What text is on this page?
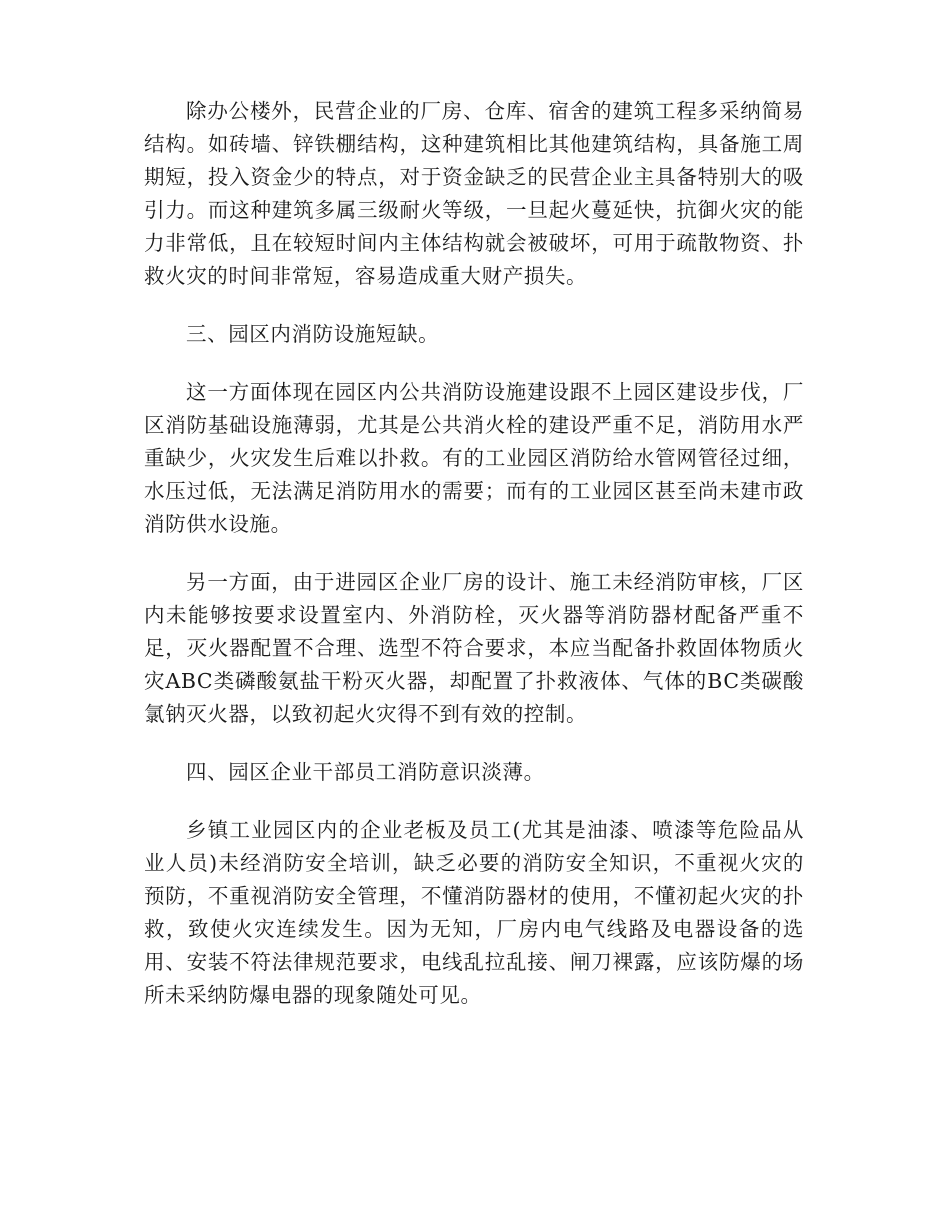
除办公楼外，民营企业的厂房、仓库、宿舍的建筑工程多采纳简易结构。如砖墙、锌铁棚结构，这种建筑相比其他建筑结构，具备施工周期短，投入资金少的特点，对于资金缺乏的民营企业主具备特别大的吸引力。而这种建筑多属三级耐火等级，一旦起火蔓延快，抗御火灾的能力非常低，且在较短时间内主体结构就会被破坏，可用于疏散物资、扑救火灾的时间非常短，容易造成重大财产损失。

三、园区内消防设施短缺。

这一方面体现在园区内公共消防设施建设跟不上园区建设步伐，厂区消防基础设施薄弱，尤其是公共消火栓的建设严重不足，消防用水严重缺少，火灾发生后难以扑救。有的工业园区消防给水管网管径过细，水压过低，无法满足消防用水的需要；而有的工业园区甚至尚未建市政消防供水设施。

另一方面，由于进园区企业厂房的设计、施工未经消防审核，厂区内未能够按要求设置室内、外消防栓，灭火器等消防器材配备严重不足，灭火器配置不合理、选型不符合要求，本应当配备扑救固体物质火灾ABC类磷酸氨盐干粉灭火器，却配置了扑救液体、气体的BC类碳酸氯钠灭火器，以致初起火灾得不到有效的控制。

四、园区企业干部员工消防意识淡薄。

乡镇工业园区内的企业老板及员工(尤其是油漆、喷漆等危险品从业人员)未经消防安全培训，缺乏必要的消防安全知识，不重视火灾的预防，不重视消防安全管理，不懂消防器材的使用，不懂初起火灾的扑救，致使火灾连续发生。因为无知，厂房内电气线路及电器设备的选用、安装不符法律规范要求，电线乱拉乱接、闸刀裸露，应该防爆的场所未采纳防爆电器的现象随处可见。
